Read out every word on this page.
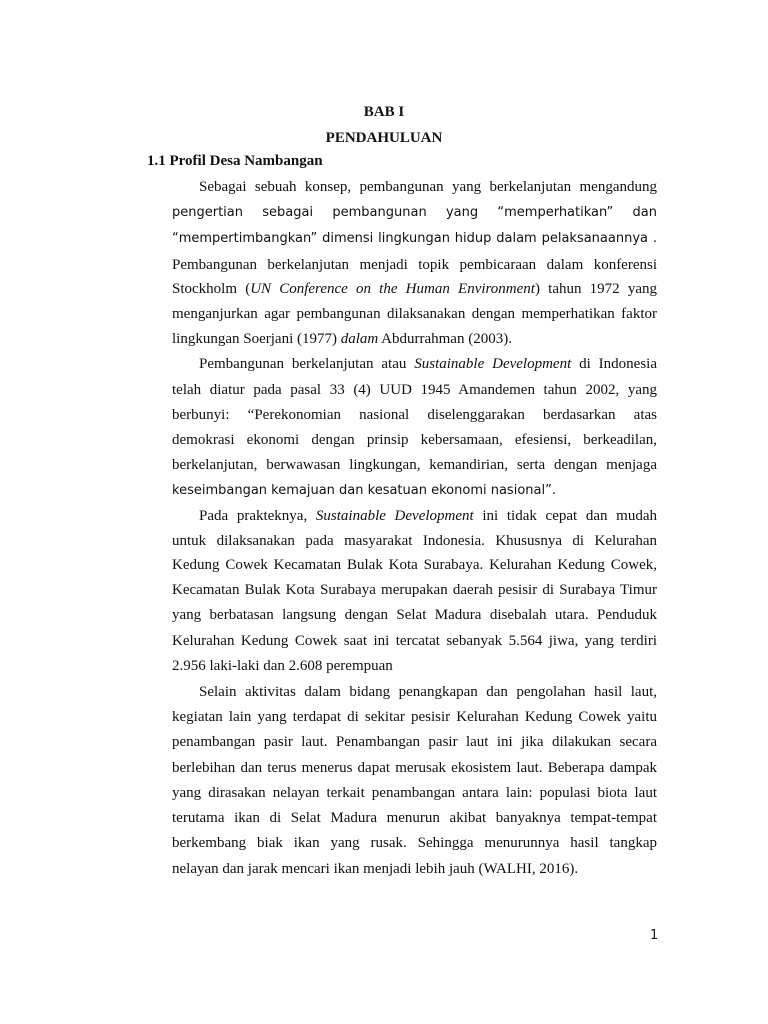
BAB I
PENDAHULUAN
1.1 Profil Desa Nambangan
Sebagai sebuah konsep, pembangunan yang berkelanjutan mengandung
pengertian sebagai pembangunan yang “memperhatikan” dan
“mempertimbangkan” dimensi lingkungan hidup dalam pelaksanaannya .
Pembangunan berkelanjutan menjadi topik pembicaraan dalam konferensi
Stockholm (UN Conference on the Human Environment) tahun 1972 yang
menganjurkan agar pembangunan dilaksanakan dengan memperhatikan faktor
lingkungan Soerjani (1977) dalam Abdurrahman (2003).
Pembangunan berkelanjutan atau Sustainable Development di Indonesia
telah diatur pada pasal 33 (4) UUD 1945 Amandemen tahun 2002, yang
berbunyi: “Perekonomian nasional diselenggarakan berdasarkan atas
demokrasi ekonomi dengan prinsip kebersamaan, efesiensi, berkeadilan,
berkelanjutan, berwawasan lingkungan, kemandirian, serta dengan menjaga
keseimbangan kemajuan dan kesatuan ekonomi nasional”.
Pada prakteknya, Sustainable Development ini tidak cepat dan mudah
untuk dilaksanakan pada masyarakat Indonesia. Khususnya di Kelurahan
Kedung Cowek Kecamatan Bulak Kota Surabaya. Kelurahan Kedung Cowek,
Kecamatan Bulak Kota Surabaya merupakan daerah pesisir di Surabaya Timur
yang berbatasan langsung dengan Selat Madura disebalah utara. Penduduk
Kelurahan Kedung Cowek saat ini tercatat sebanyak 5.564 jiwa, yang terdiri
2.956 laki-laki dan 2.608 perempuan
Selain aktivitas dalam bidang penangkapan dan pengolahan hasil laut,
kegiatan lain yang terdapat di sekitar pesisir Kelurahan Kedung Cowek yaitu
penambangan pasir laut. Penambangan pasir laut ini jika dilakukan secara
berlebihan dan terus menerus dapat merusak ekosistem laut. Beberapa dampak
yang dirasakan nelayan terkait penambangan antara lain: populasi biota laut
terutama ikan di Selat Madura menurun akibat banyaknya tempat-tempat
berkembang biak ikan yang rusak. Sehingga menurunnya hasil tangkap
nelayan dan jarak mencari ikan menjadi lebih jauh (WALHI, 2016).
1
